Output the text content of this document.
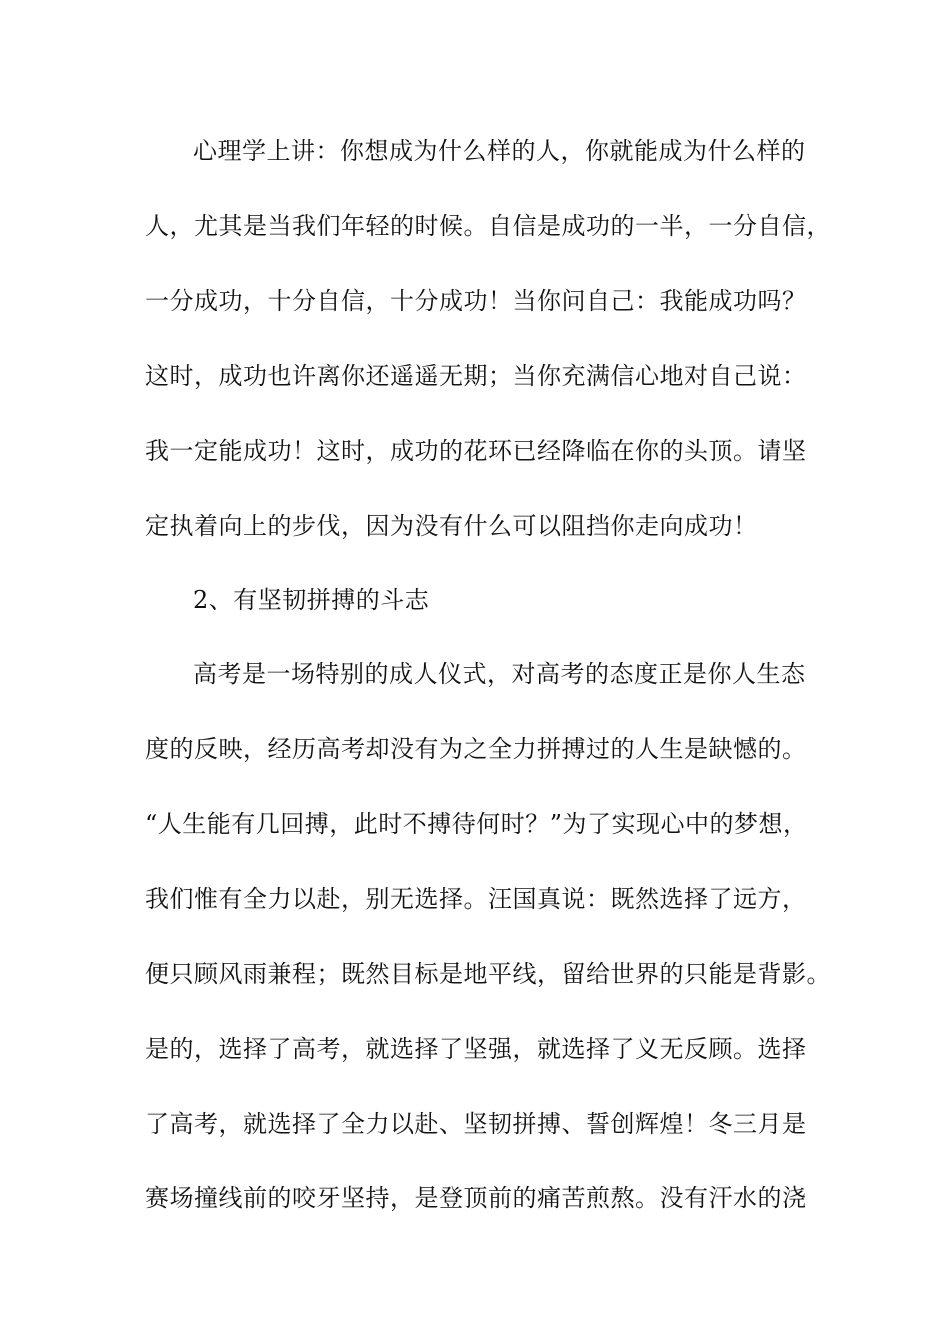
心理学上讲：你想成为什么样的人，你就能成为什么样的
人，尤其是当我们年轻的时候。自信是成功的一半，一分自信，
一分成功，十分自信，十分成功！当你问自己：我能成功吗？
这时，成功也许离你还遥遥无期；当你充满信心地对自己说：
我一定能成功！这时，成功的花环已经降临在你的头顶。请坚
定执着向上的步伐，因为没有什么可以阻挡你走向成功！
2、有坚韧拼搏的斗志
高考是一场特别的成人仪式，对高考的态度正是你人生态
度的反映，经历高考却没有为之全力拼搏过的人生是缺憾的。
“人生能有几回搏，此时不搏待何时？”为了实现心中的梦想，
我们惟有全力以赴，别无选择。汪国真说：既然选择了远方，
便只顾风雨兼程；既然目标是地平线，留给世界的只能是背影。
是的，选择了高考，就选择了坚强，就选择了义无反顾。选择
了高考，就选择了全力以赴、坚韧拼搏、誓创辉煌！冬三月是
赛场撞线前的咬牙坚持，是登顶前的痛苦煎熬。没有汗水的浇
